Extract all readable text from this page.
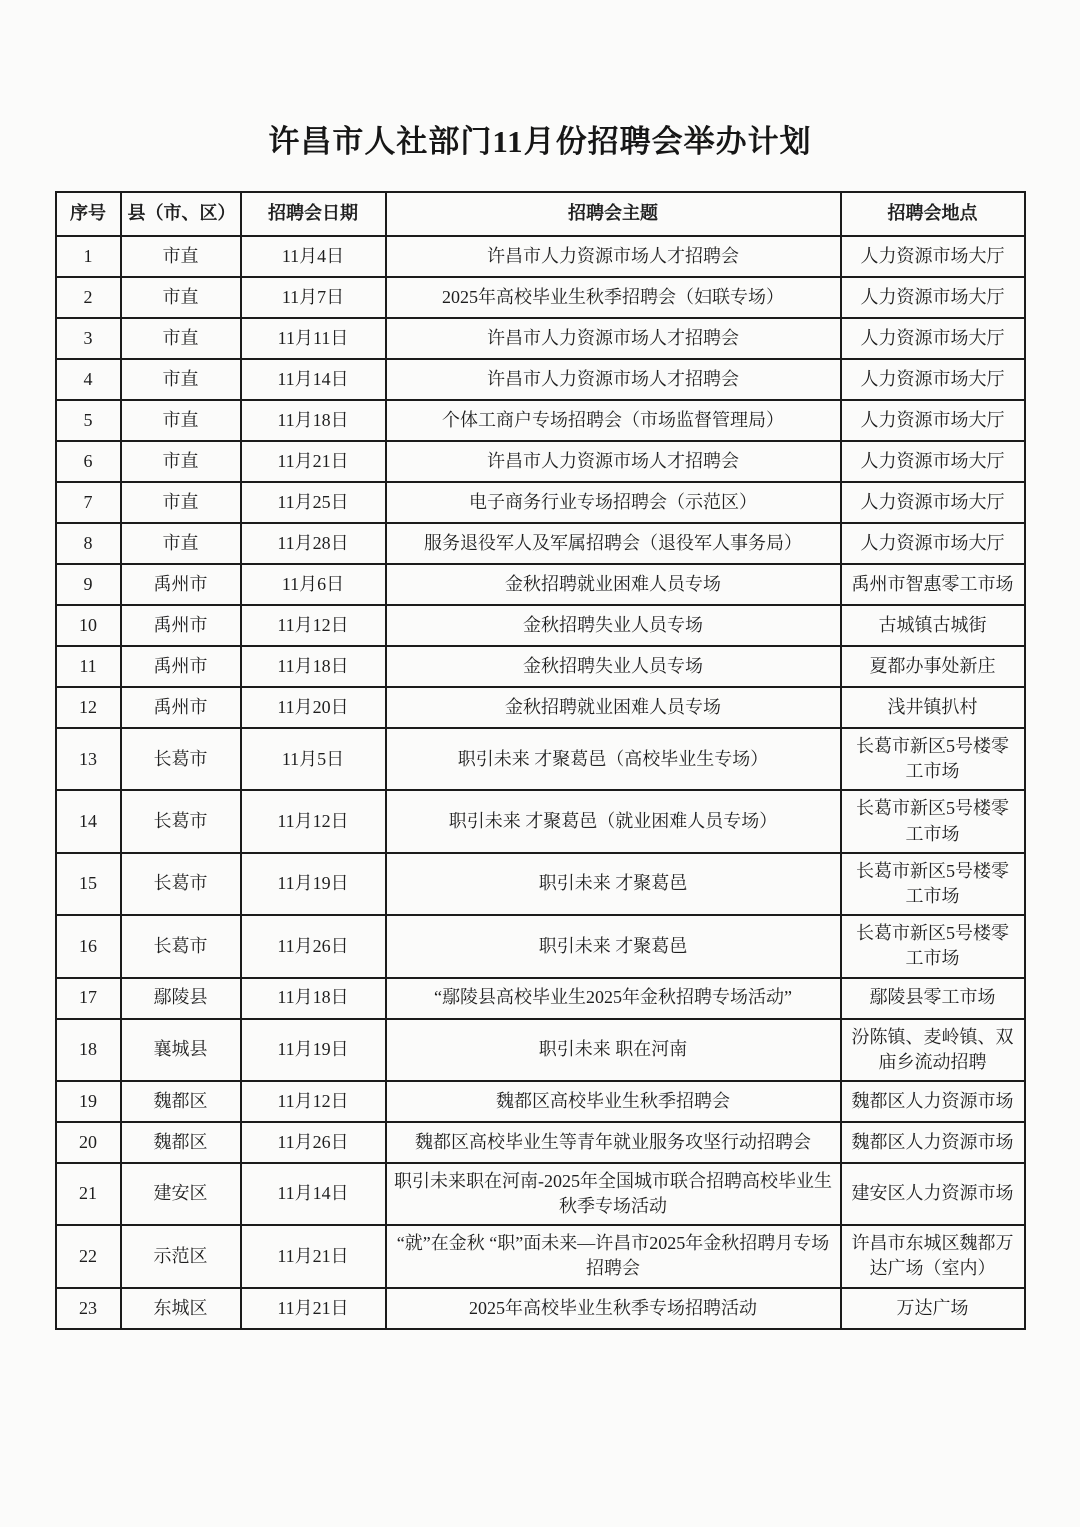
许昌市人社部门11月份招聘会举办计划
序号	县（市、区）	招聘会日期	招聘会主题	招聘会地点
1	市直	11月4日	许昌市人力资源市场人才招聘会	人力资源市场大厅
2	市直	11月7日	2025年高校毕业生秋季招聘会（妇联专场）	人力资源市场大厅
3	市直	11月11日	许昌市人力资源市场人才招聘会	人力资源市场大厅
4	市直	11月14日	许昌市人力资源市场人才招聘会	人力资源市场大厅
5	市直	11月18日	个体工商户专场招聘会（市场监督管理局）	人力资源市场大厅
6	市直	11月21日	许昌市人力资源市场人才招聘会	人力资源市场大厅
7	市直	11月25日	电子商务行业专场招聘会（示范区）	人力资源市场大厅
8	市直	11月28日	服务退役军人及军属招聘会（退役军人事务局）	人力资源市场大厅
9	禹州市	11月6日	金秋招聘就业困难人员专场	禹州市智惠零工市场
10	禹州市	11月12日	金秋招聘失业人员专场	古城镇古城街
11	禹州市	11月18日	金秋招聘失业人员专场	夏都办事处新庄
12	禹州市	11月20日	金秋招聘就业困难人员专场	浅井镇扒村
13	长葛市	11月5日	职引未来 才聚葛邑（高校毕业生专场）	长葛市新区5号楼零工市场
14	长葛市	11月12日	职引未来 才聚葛邑（就业困难人员专场）	长葛市新区5号楼零工市场
15	长葛市	11月19日	职引未来 才聚葛邑	长葛市新区5号楼零工市场
16	长葛市	11月26日	职引未来 才聚葛邑	长葛市新区5号楼零工市场
17	鄢陵县	11月18日	“鄢陵县高校毕业生2025年金秋招聘专场活动”	鄢陵县零工市场
18	襄城县	11月19日	职引未来 职在河南	汾陈镇、麦岭镇、双庙乡流动招聘
19	魏都区	11月12日	魏都区高校毕业生秋季招聘会	魏都区人力资源市场
20	魏都区	11月26日	魏都区高校毕业生等青年就业服务攻坚行动招聘会	魏都区人力资源市场
21	建安区	11月14日	职引未来职在河南-2025年全国城市联合招聘高校毕业生秋季专场活动	建安区人力资源市场
22	示范区	11月21日	“就”在金秋 “职”面未来—许昌市2025年金秋招聘月专场招聘会	许昌市东城区魏都万达广场（室内）
23	东城区	11月21日	2025年高校毕业生秋季专场招聘活动	万达广场
